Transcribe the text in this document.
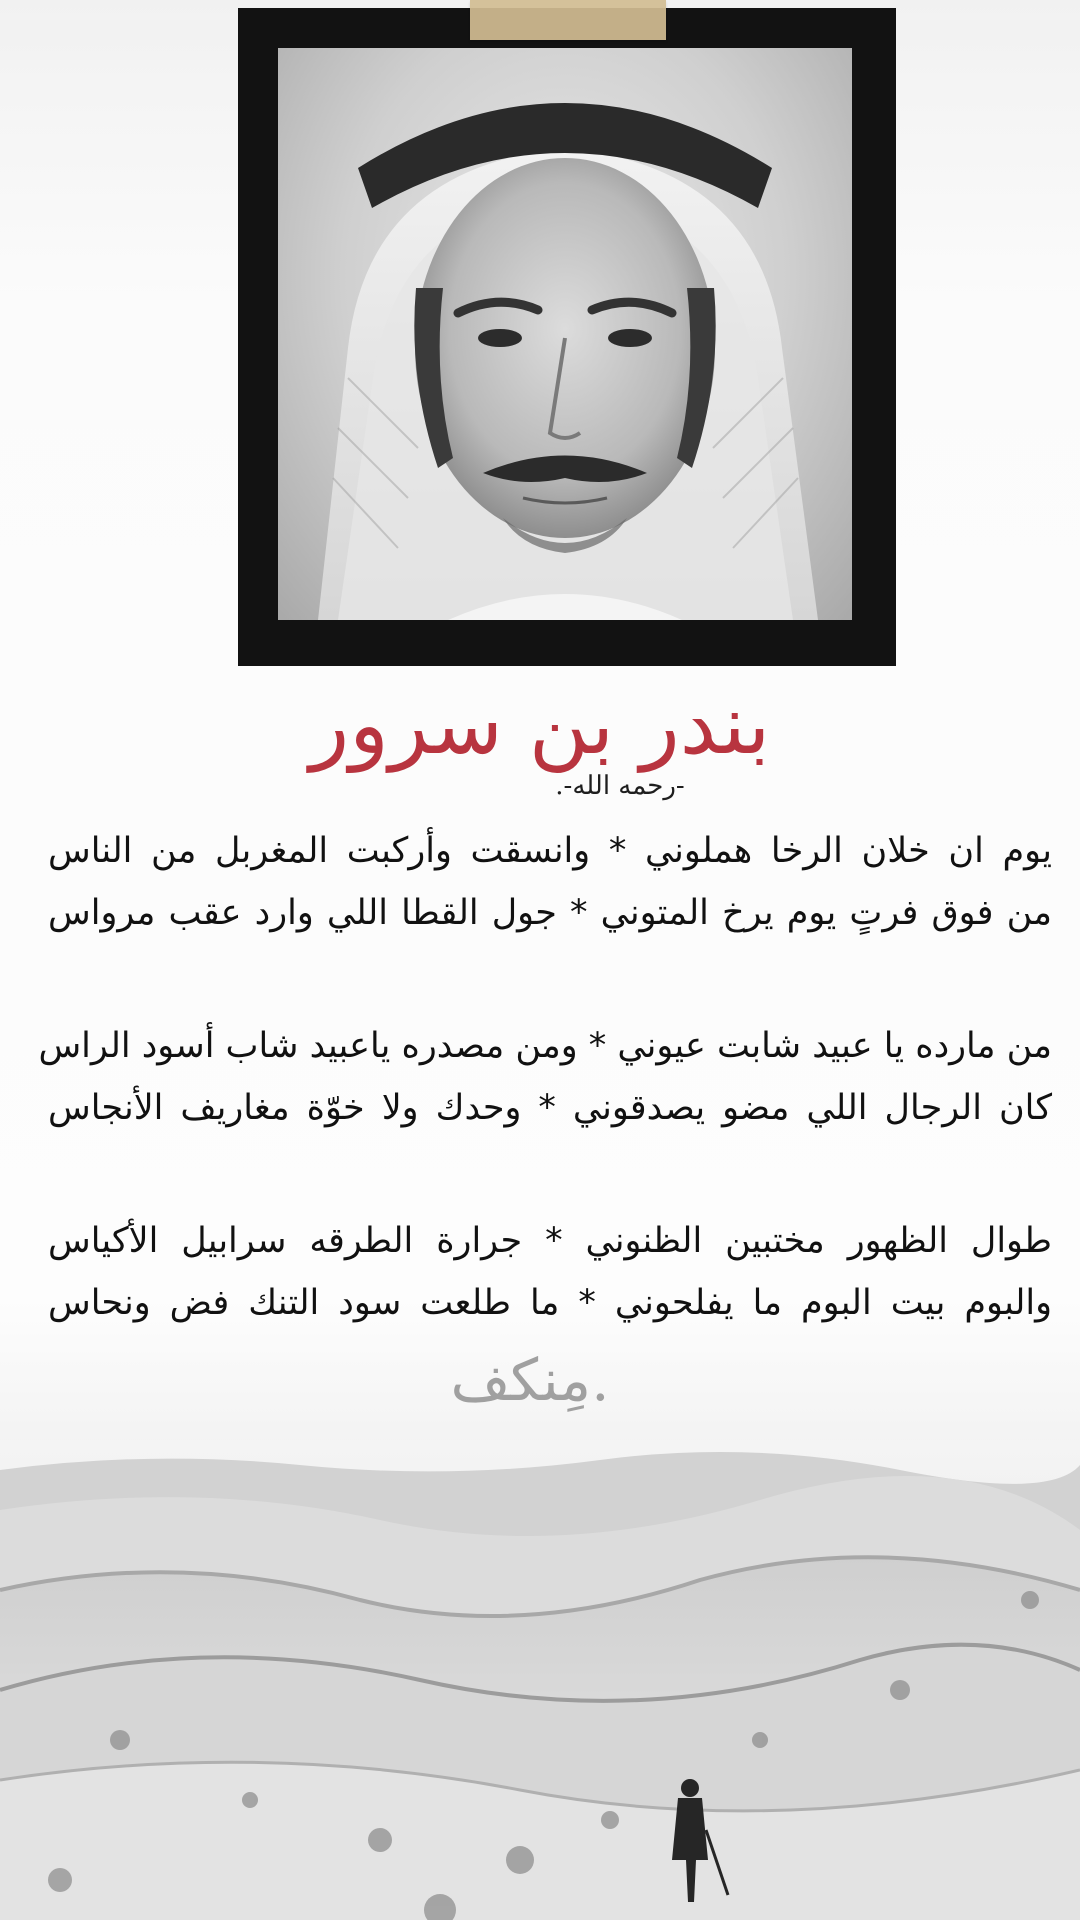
بندر بن سرور
-رحمه الله-.
يوم ان خلان الرخا هملوني * وانسقت وأركبت المغربل من الناس
من فوق فرتٍ يوم يرخ المتوني * جول القطا اللي وارد عقب مرواس
من مارده يا عبيد شابت عيوني * ومن مصدره ياعبيد شاب أسود الراس
كان الرجال اللي مضو يصدقوني * وحدك ولا خوّة مغاريف الأنجاس
طوال الظهور مختبين الظنوني * جرارة الطرقه سرابيل الأكياس
والبوم بيت البوم ما يفلحوني * ما طلعت سود التنك فض ونحاس
مِنكف.
